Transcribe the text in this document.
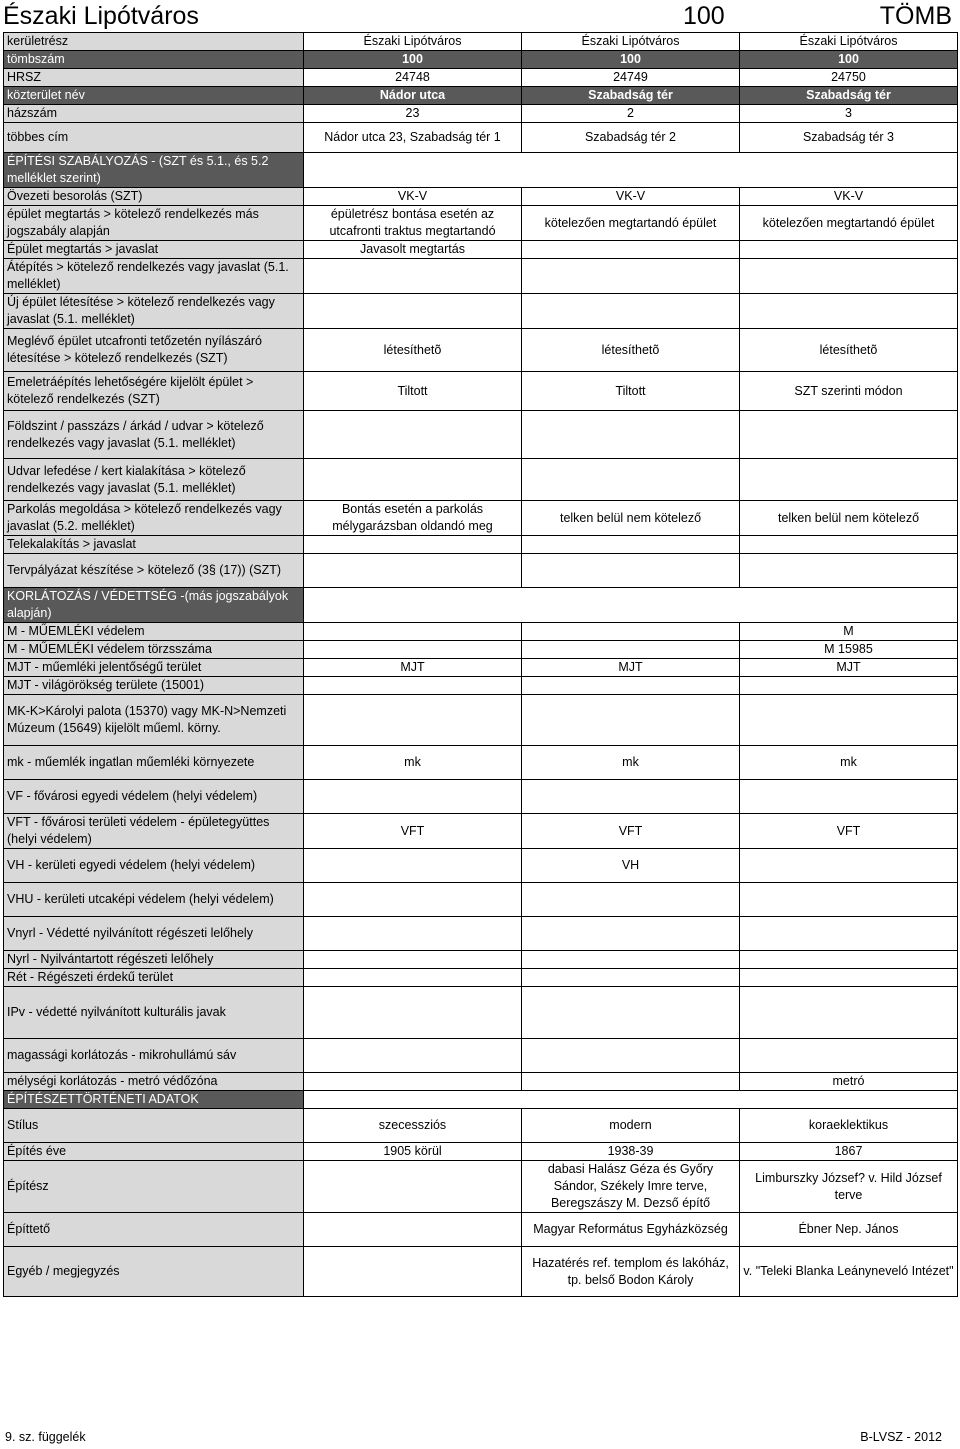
Északi Lipótváros	100	TÖMB
kerületrész	Északi Lipótváros	Északi Lipótváros	Északi Lipótváros
tömbszám	100	100	100
HRSZ	24748	24749	24750
közterület név	Nádor utca	Szabadság tér	Szabadság tér
házszám	23	2	3
többes cím	Nádor utca 23, Szabadság tér 1	Szabadság tér 2	Szabadság tér 3
ÉPÍTÉSI SZABÁLYOZÁS - (SZT és 5.1., és 5.2 melléklet szerint)			
Övezeti besorolás (SZT)	VK-V	VK-V	VK-V
épület megtartás > kötelező rendelkezés más jogszabály alapján	épületrész bontása esetén az utcafronti traktus megtartandó	kötelezően megtartandó épület	kötelezően megtartandó épület
Épület megtartás > javaslat	Javasolt megtartás		
Átépítés > kötelező rendelkezés vagy javaslat (5.1. melléklet)			
Új épület létesítése > kötelező rendelkezés vagy javaslat (5.1. melléklet)			
Meglévő épület utcafronti tetőzetén nyílászáró létesítése > kötelező rendelkezés (SZT)	létesíthetõ	létesíthetõ	létesíthetõ
Emeletráépítés lehetőségére kijelölt épület > kötelező rendelkezés (SZT)	Tiltott	Tiltott	SZT szerinti módon
Földszint / passzázs / árkád / udvar > kötelező rendelkezés vagy javaslat (5.1. melléklet)			
Udvar lefedése / kert kialakítása > kötelező rendelkezés vagy javaslat (5.1. melléklet)			
Parkolás megoldása > kötelező rendelkezés vagy javaslat (5.2. melléklet)	Bontás esetén a parkolás mélygarázsban oldandó meg	telken belül nem kötelező	telken belül nem kötelező
Telekalakítás > javaslat			
Tervpályázat készítése > kötelező (3§ (17)) (SZT)			
KORLÁTOZÁS / VÉDETTSÉG -(más jogszabályok alapján)			
M - MŰEMLÉKI védelem			M
M - MŰEMLÉKI védelem törzsszáma			M 15985
MJT - műemléki jelentőségű terület	MJT	MJT	MJT
MJT - világörökség területe (15001)			
MK-K>Károlyi palota (15370) vagy MK-N>Nemzeti Múzeum (15649) kijelölt műeml. körny.			
mk - műemlék ingatlan műemléki környezete	mk	mk	mk
VF - fővárosi egyedi védelem (helyi védelem)			
VFT - fővárosi területi védelem - épületegyüttes (helyi védelem)	VFT	VFT	VFT
VH - kerületi egyedi védelem (helyi védelem)		VH	
VHU - kerületi utcaképi védelem (helyi védelem)			
Vnyrl - Védetté nyilvánított régészeti lelőhely			
Nyrl - Nyilvántartott régészeti lelőhely			
Rét - Régészeti érdekű terület			
IPv - védetté nyilvánított kulturális javak			
magassági korlátozás - mikrohullámú sáv			
mélységi korlátozás - metró védőzóna			metró
ÉPÍTÉSZETTÖRTÉNETI ADATOK			
Stílus	szecessziós	modern	koraeklektikus
Építés éve	1905 körül	1938-39	1867
Építész		dabasi Halász Géza és Győry Sándor, Székely Imre terve, Beregszászy M. Dezső építő	Limburszky József? v. Hild József terve
Építtető		Magyar Református Egyházközség	Ébner Nep. János
Egyéb / megjegyzés		Hazatérés ref. templom és lakóház, tp. belső Bodon Károly	v. "Teleki Blanka Leányneveló Intézet"
9. sz. függelék	B-LVSZ - 2012
